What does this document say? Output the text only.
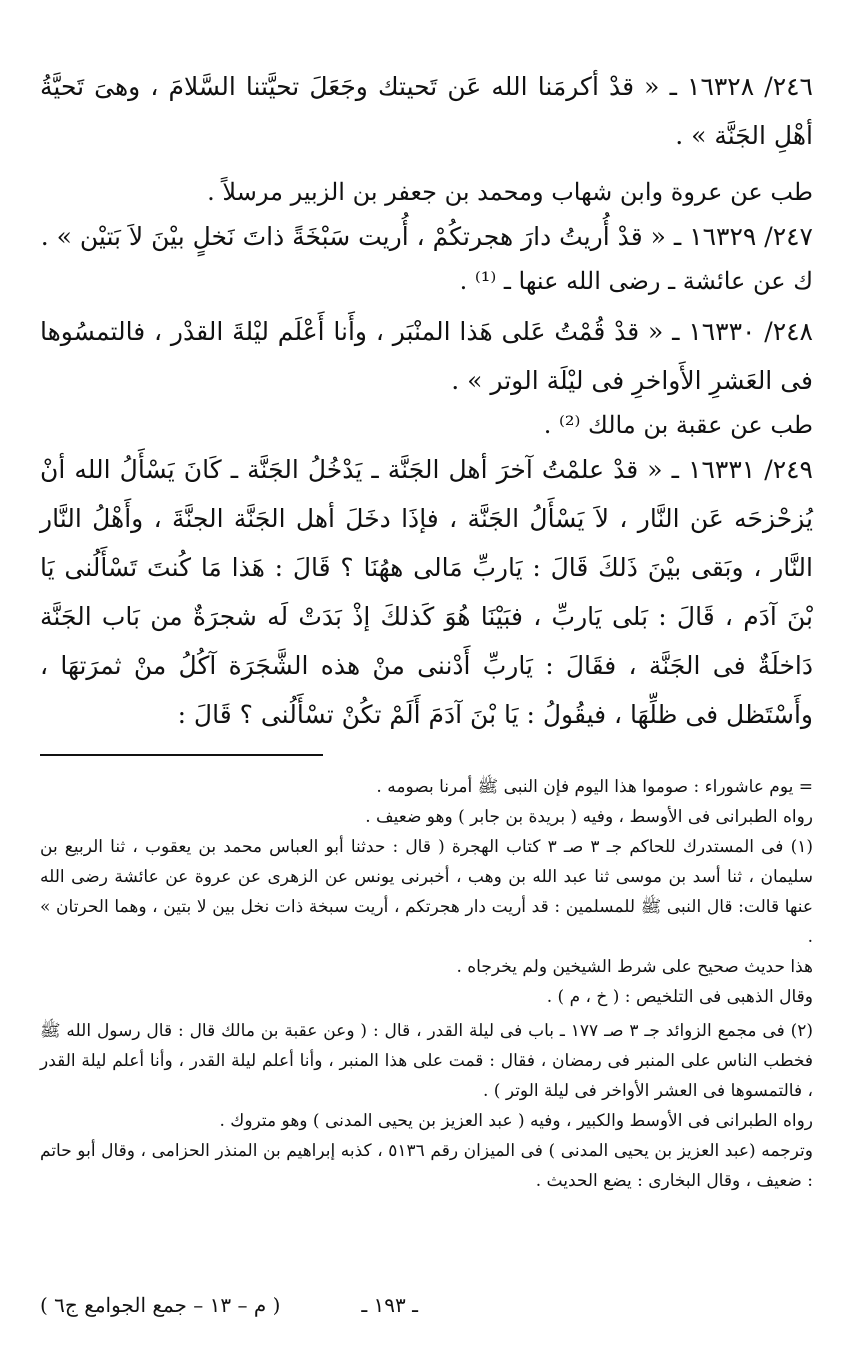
٢٤٦/ ١٦٣٢٨ ـ « قدْ أكرمَنا الله عَن تَحيتك وجَعَلَ تحيَّتنا السَّلامَ ، وهىَ تَحيَّةُ أهْلِ الجَنَّة » .

طب عن عروة وابن شهاب ومحمد بن جعفر بن الزبير مرسلاً .

٢٤٧/ ١٦٣٢٩ ـ « قدْ أُريتُ دارَ هجرتكُمْ ، أُريت سَبْخَةً ذاتَ نَخلٍ بيْنَ لاَ بَتيْن » .

ك عن عائشة ـ رضى الله عنها ـ ⁽¹⁾ .

٢٤٨/ ١٦٣٣٠ ـ « قدْ قُمْتُ عَلى هَذا المنْبَر ، وأَنا أَعْلَم ليْلةَ القدْر ، فالتمسُوها فى العَشرِ الأَواخرِ فى ليْلَة الوتر » .

طب عن عقبة بن مالك ⁽²⁾ .

٢٤٩/ ١٦٣٣١ ـ « قدْ علمْتُ آخرَ أهل الجَنَّة ـ يَدْخُلُ الجَنَّة ـ كَانَ يَسْأَلُ الله أنْ يُزحْزحَه عَن النَّار ، لاَ يَسْأَلُ الجَنَّة ، فإذَا دخَلَ أهل الجَنَّة الجنَّةَ ، وأَهْلُ النَّار النَّار ، وبَقى بيْنَ ذَلكَ قَالَ : يَاربِّ مَالى ههُنَا ؟ قَالَ : هَذا مَا كُنتَ تَسْأَلُنى يَا بْنَ آدَم ، قَالَ : بَلى يَاربِّ ، فبَيْنَا هُوَ كَذلكَ إذْ بَدَتْ لَه شجرَةٌ من بَاب الجَنَّة دَاخلَةٌ فى الجَنَّة ، فقَالَ : يَاربِّ أَدْننى منْ هذه الشَّجَرَة آكُلُ منْ ثمرَتهَا ، وأَسْتَظل فى ظلِّهَا ، فيقُولُ : يَا بْنَ آدَمَ أَلَمْ تكُنْ تسْأَلُنى ؟ قَالَ :

= يوم عاشوراء : صوموا هذا اليوم فإن النبى ﷺ أمرنا بصومه .

رواه الطبرانى فى الأوسط ، وفيه ( بريدة بن جابر ) وهو ضعيف .

(١) فى المستدرك للحاكم جـ ٣ صـ ٣ كتاب الهجرة ( قال : حدثنا أبو العباس محمد بن يعقوب ، ثنا الربيع بن سليمان ، ثنا أسد بن موسى ثنا عبد الله بن وهب ، أخبرنى يونس عن الزهرى عن عروة عن عائشة رضى الله عنها قالت: قال النبى ﷺ للمسلمين : قد أريت دار هجرتكم ، أريت سبخة ذات نخل بين لا بتين ، وهما الحرتان » .

هذا حديث صحيح على شرط الشيخين ولم يخرجاه .

وقال الذهبى فى التلخيص : ( خ ، م ) .

(٢) فى مجمع الزوائد جـ ٣ صـ ١٧٧ ـ باب فى ليلة القدر ، قال : ( وعن عقبة بن مالك قال : قال رسول الله ﷺ فخطب الناس على المنبر فى رمضان ، فقال : قمت على هذا المنبر ، وأنا أعلم ليلة القدر ، وأنا أعلم ليلة القدر ، فالتمسوها فى العشر الأواخر فى ليلة الوتر ) .

رواه الطبرانى فى الأوسط والكبير ، وفيه ( عبد العزيز بن يحيى المدنى ) وهو متروك .

وترجمه (عبد العزيز بن يحيى المدنى ) فى الميزان رقم ٥١٣٦ ، كذبه إبراهيم بن المنذر الحزامى ، وقال أبو حاتم : ضعيف ، وقال البخارى : يضع الحديث .

ـ ١٩٣ ـ
( م – ١٣ – جمع الجوامع ج٦ )
